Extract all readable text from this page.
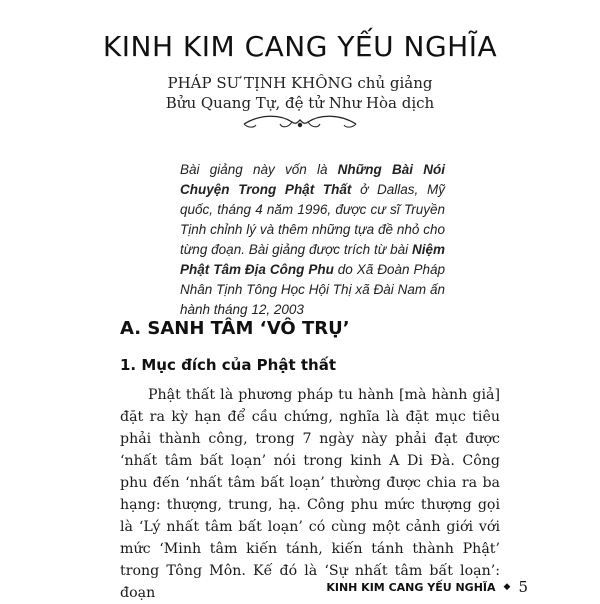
KINH KIM CANG YẾU NGHĨA
PHÁP SƯ TỊNH KHÔNG chủ giảng
Bửu Quang Tự, đệ tử Như Hòa dịch
Bài giảng này vốn là Những Bài Nói Chuyện Trong Phật Thất ở Dallas, Mỹ quốc, tháng 4 năm 1996, được cư sĩ Truyền Tịnh chỉnh lý và thêm những tựa đề nhỏ cho từng đoạn. Bài giảng được trích từ bài Niệm Phật Tâm Địa Công Phu do Xã Đoàn Pháp Nhân Tịnh Tông Học Hội Thị xã Đài Nam ấn hành tháng 12, 2003
A. SANH TÂM ‘VÔ TRỤ’
1. Mục đích của Phật thất

Phật thất là phương pháp tu hành [mà hành giả] đặt ra kỳ hạn để cầu chứng, nghĩa là đặt mục tiêu phải thành công, trong 7 ngày này phải đạt được ‘nhất tâm bất loạn’ nói trong kinh A Di Đà. Công phu đến ‘nhất tâm bất loạn’ thường được chia ra ba hạng: thượng, trung, hạ. Công phu mức thượng gọi là ‘Lý nhất tâm bất loạn’ có cùng một cảnh giới với mức ‘Minh tâm kiến tánh, kiến tánh thành Phật’ trong Tông Môn. Kế đó là ‘Sự nhất tâm bất loạn’: đoạn	KINH KIM CANG YẾU NGHĨA ◆ 5
